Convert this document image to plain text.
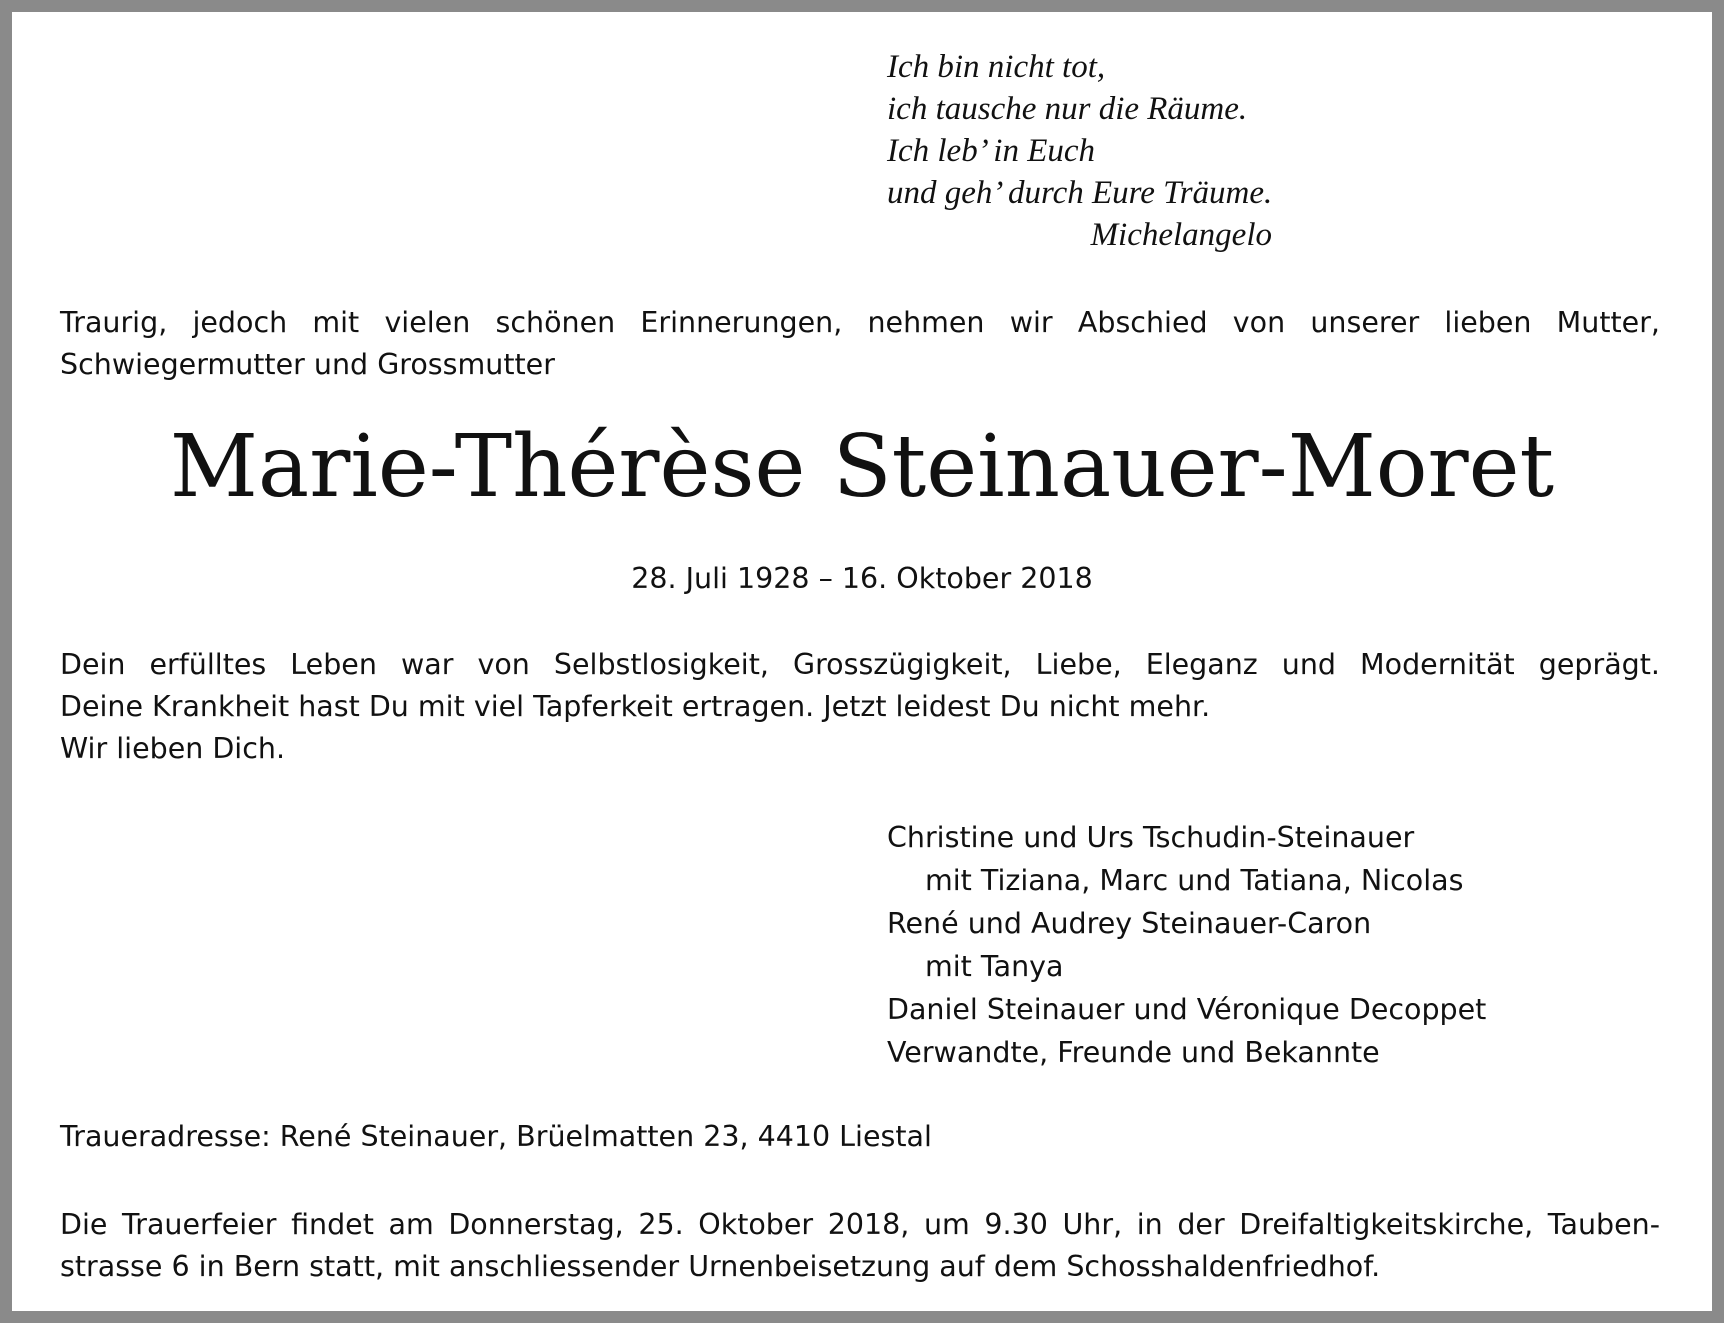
Ich bin nicht tot,
ich tausche nur die Räume.
Ich leb’ in Euch
und geh’ durch Eure Träume.
Michelangelo
Traurig, jedoch mit vielen schönen Erinnerungen, nehmen wir Abschied von unserer lieben Mutter, Schwiegermutter und Grossmutter
Marie-Thérèse Steinauer-Moret
28. Juli 1928 – 16. Oktober 2018
Dein erfülltes Leben war von Selbstlosigkeit, Grosszügigkeit, Liebe, Eleganz und Modernität geprägt.
Deine Krankheit hast Du mit viel Tapferkeit ertragen. Jetzt leidest Du nicht mehr.
Wir lieben Dich.
Christine und Urs Tschudin-Steinauer
mit Tiziana, Marc und Tatiana, Nicolas
René und Audrey Steinauer-Caron
mit Tanya
Daniel Steinauer und Véronique Decoppet
Verwandte, Freunde und Bekannte
Traueradresse: René Steinauer, Brüelmatten 23, 4410 Liestal
Die Trauerfeier findet am Donnerstag, 25. Oktober 2018, um 9.30 Uhr, in der Dreifaltigkeitskirche, Tauben-
strasse 6 in Bern statt, mit anschliessender Urnenbeisetzung auf dem Schosshaldenfriedhof.
